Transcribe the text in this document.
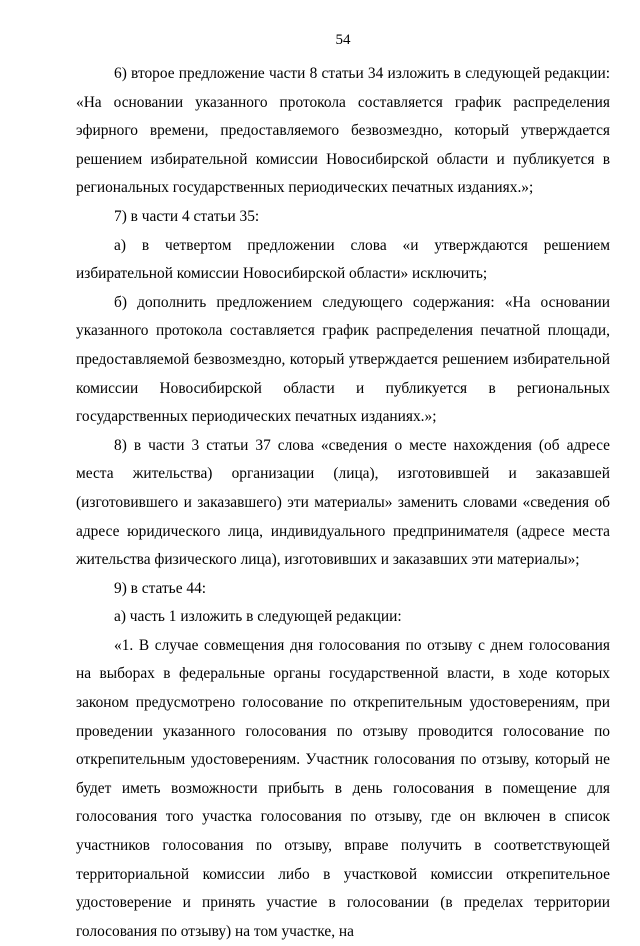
54

6) второе предложение части 8 статьи 34 изложить в следующей редакции: «На основании указанного протокола составляется график распределения эфирного времени, предоставляемого безвозмездно, который утверждается решением избирательной комиссии Новосибирской области и публикуется в региональных государственных периодических печатных изданиях.»;

7) в части 4 статьи 35:

а) в четвертом предложении слова «и утверждаются решением избирательной комиссии Новосибирской области» исключить;

б) дополнить предложением следующего содержания: «На основании указанного протокола составляется график распределения печатной площади, предоставляемой безвозмездно, который утверждается решением избирательной комиссии Новосибирской области и публикуется в региональных государственных периодических печатных изданиях.»;

8) в части 3 статьи 37 слова «сведения о месте нахождения (об адресе места жительства) организации (лица), изготовившей и заказавшей (изготовившего и заказавшего) эти материалы» заменить словами «сведения об адресе юридического лица, индивидуального предпринимателя (адресе места жительства физического лица), изготовивших и заказавших эти материалы»;

9) в статье 44:

а) часть 1 изложить в следующей редакции:

«1. В случае совмещения дня голосования по отзыву с днем голосования на выборах в федеральные органы государственной власти, в ходе которых законом предусмотрено голосование по открепительным удостоверениям, при проведении указанного голосования по отзыву проводится голосование по открепительным удостоверениям. Участник голосования по отзыву, который не будет иметь возможности прибыть в день голосования в помещение для голосования того участка голосования по отзыву, где он включен в список участников голосования по отзыву, вправе получить в соответствующей территориальной комиссии либо в участковой комиссии открепительное удостоверение и принять участие в голосовании (в пределах территории голосования по отзыву) на том участке, на
